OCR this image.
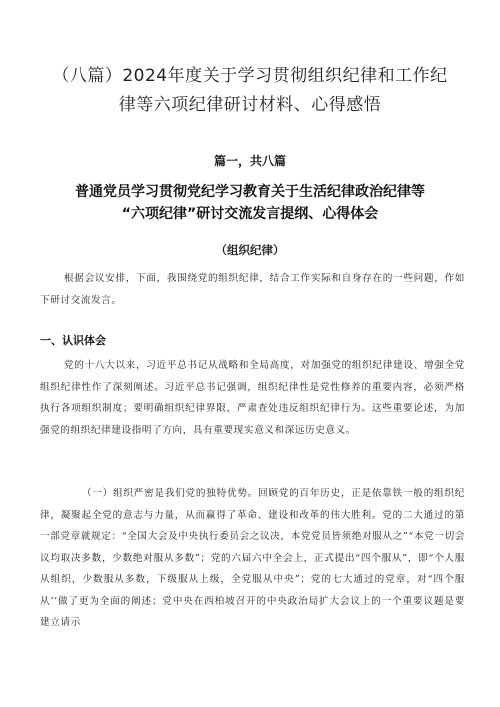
（八篇）2024年度关于学习贯彻组织纪律和工作纪律等六项纪律研讨材料、心得感悟
篇一，共八篇
普通党员学习贯彻党纪学习教育关于生活纪律政治纪律等
“六项纪律”研讨交流发言提纲、心得体会
（组织纪律）
根据会议安排，下面，我围绕党的组织纪律，结合工作实际和自身存在的一些问题，作如下研讨交流发言。
一、认识体会
党的十八大以来，习近平总书记从战略和全局高度，对加强党的组织纪律建设、增强全党组织纪律性作了深刻阐述。习近平总书记强调，组织纪律性是党性修养的重要内容，必须严格执行各项组织制度；要明确组织纪律界限，严肃查处违反组织纪律行为。这些重要论述，为加强党的组织纪律建设指明了方向，具有重要现实意义和深远历史意义。
（一）组织严密是我们党的独特优势。回顾党的百年历史，正是依靠铁一般的组织纪律，凝聚起全党的意志与力量，从而赢得了革命、建设和改革的伟大胜利。党的二大通过的第一部党章就规定：“全国大会及中央执行委员会之议决，本党党员皆须绝对服从之”“本党一切会议均取决多数，少数绝对服从多数”；党的六届六中全会上，正式提出“四个服从”，即“个人服从组织，少数服从多数，下级服从上级，全党服从中央”；党的七大通过的党章，对“四个服从’’做了更为全面的阐述；党中央在西柏坡召开的中央政治局扩大会议上的一个重要议题是要建立请示
